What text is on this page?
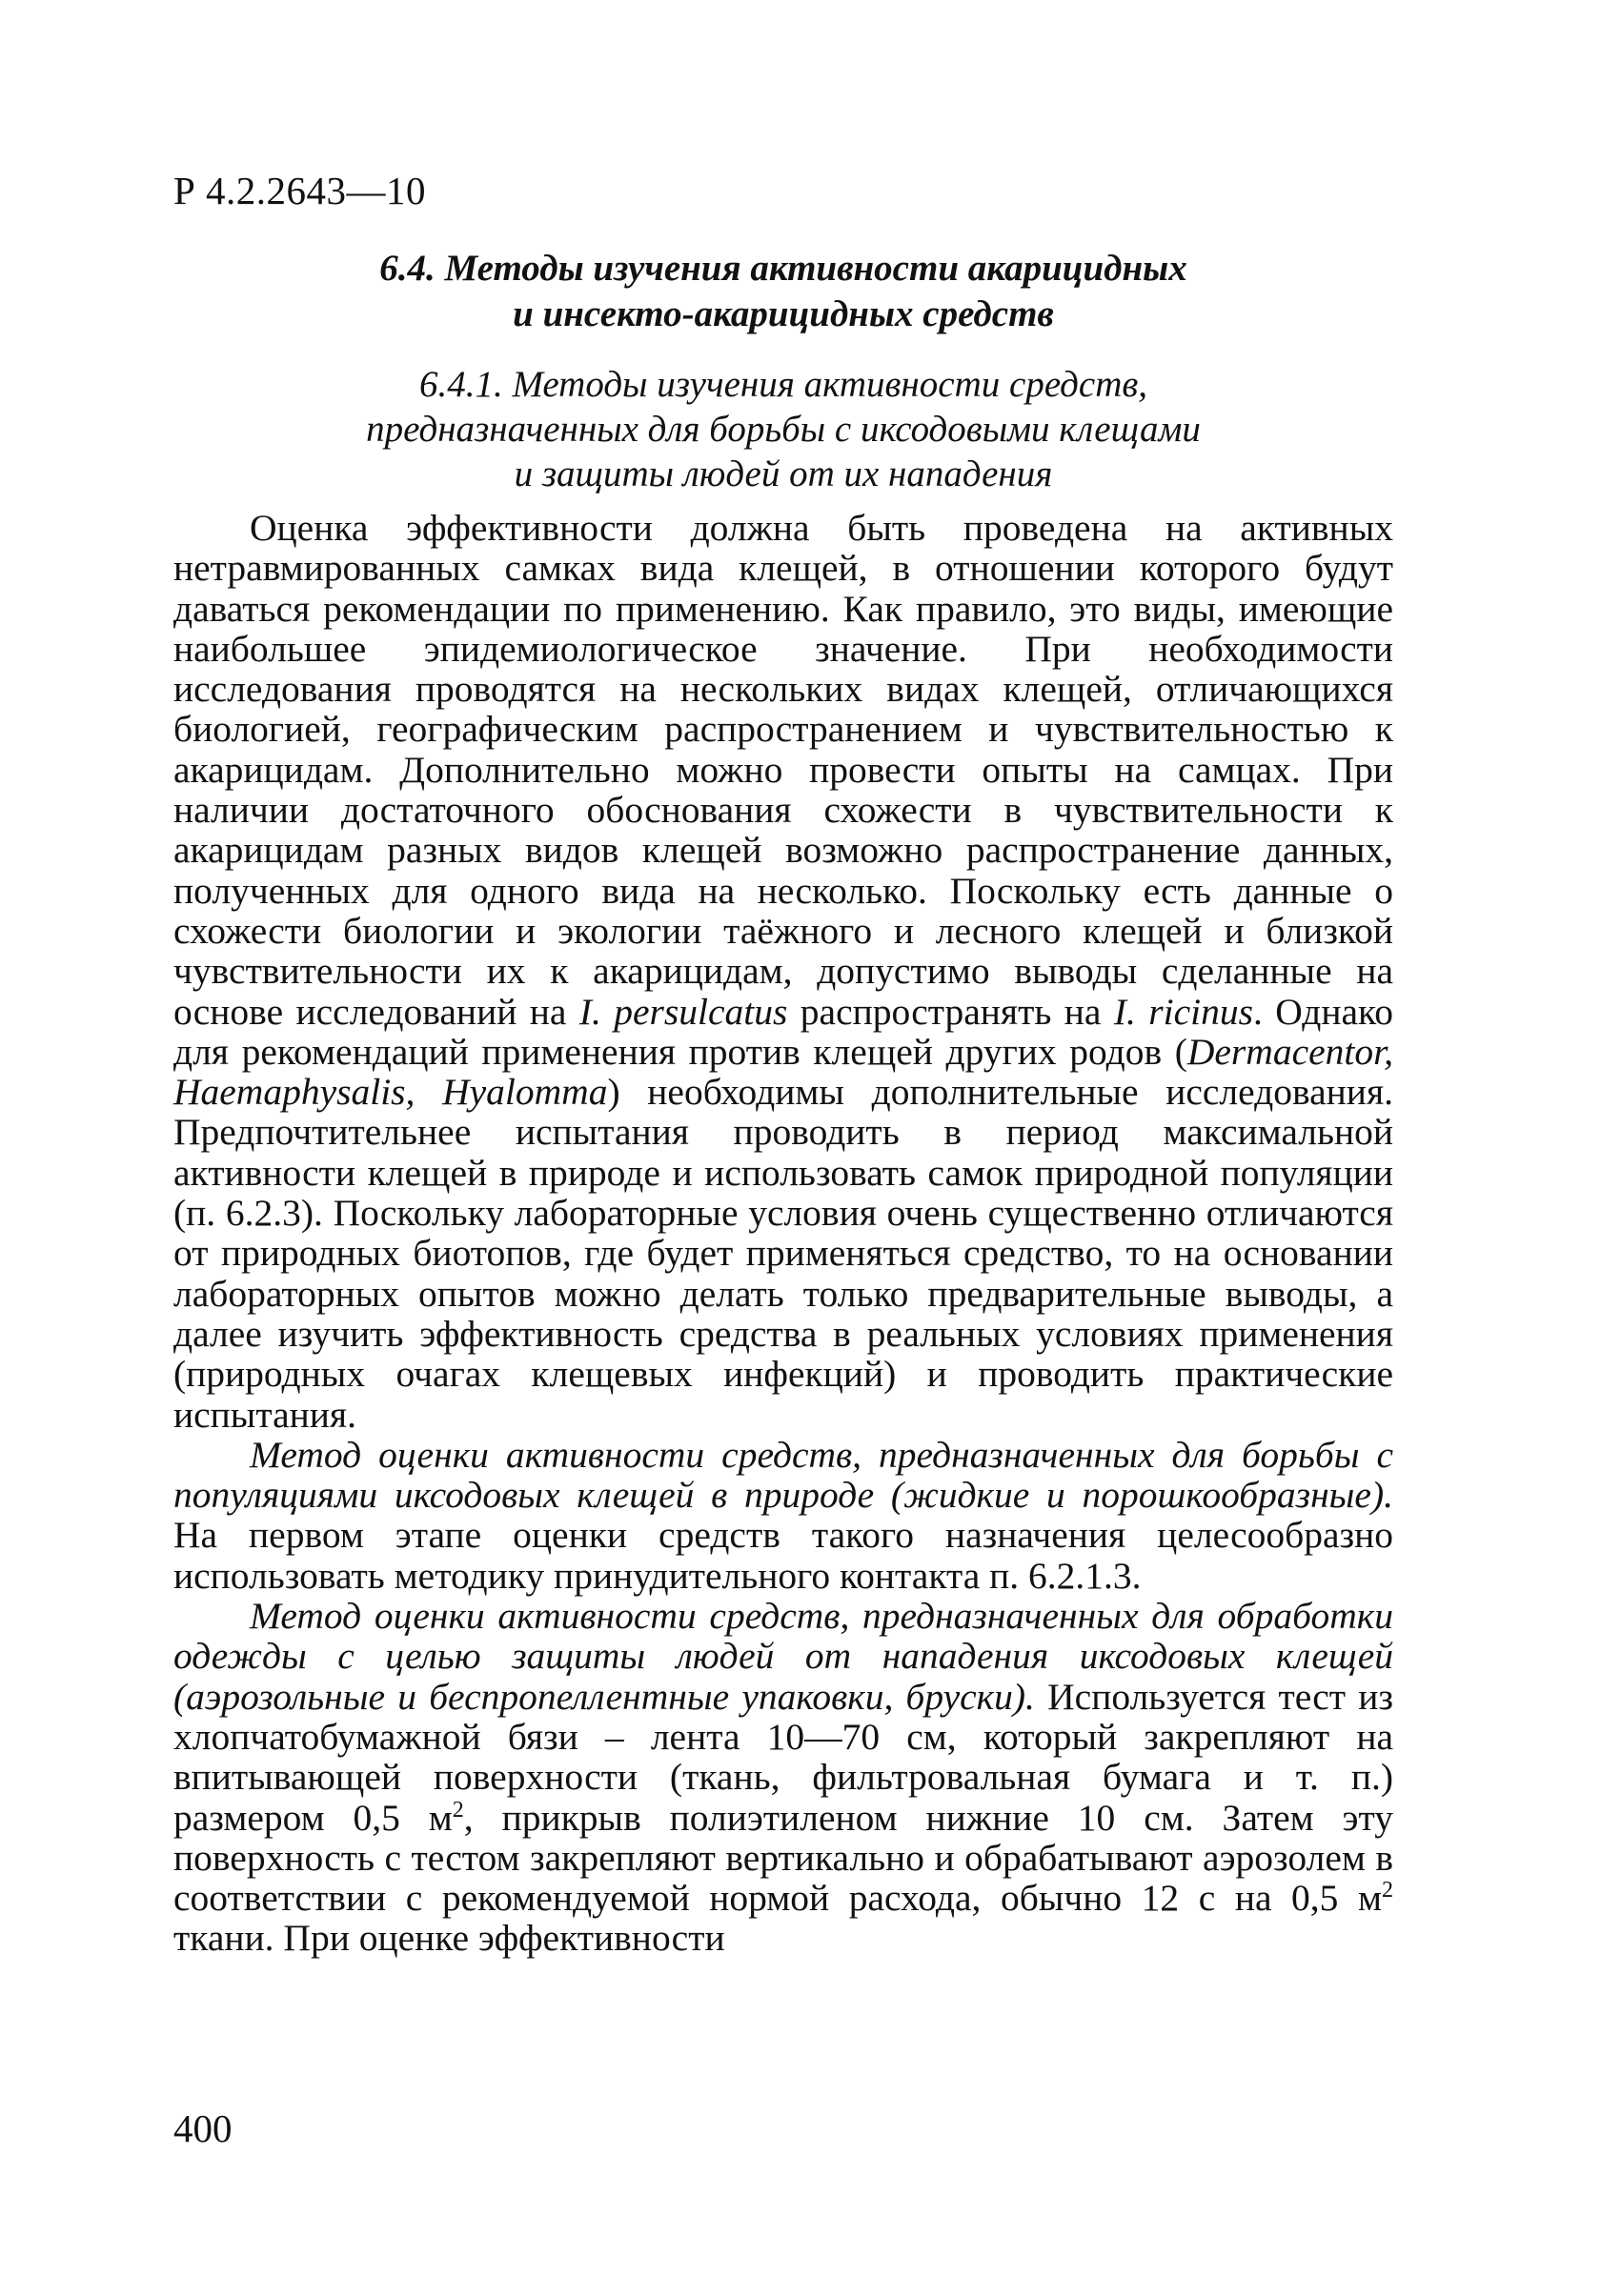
Р 4.2.2643—10

6.4. Методы изучения активности акарицидных
и инсекто-акарицидных средств

6.4.1. Методы изучения активности средств,
предназначенных для борьбы с иксодовыми клещами
и защиты людей от их нападения

Оценка эффективности должна быть проведена на активных нетравмированных самках вида клещей, в отношении которого будут даваться рекомендации по применению. Как правило, это виды, имеющие наибольшее эпидемиологическое значение. При необходимости исследования проводятся на нескольких видах клещей, отличающихся биологией, географическим распространением и чувствительностью к акарицидам. Дополнительно можно провести опыты на самцах. При наличии достаточного обоснования схожести в чувствительности к акарицидам разных видов клещей возможно распространение данных, полученных для одного вида на несколько. Поскольку есть данные о схожести биологии и экологии таёжного и лесного клещей и близкой чувствительности их к акарицидам, допустимо выводы сделанные на основе исследований на I. persulcatus распространять на I. ricinus. Однако для рекомендаций применения против клещей других родов (Dermacentor, Haemaphysalis, Hyalomma) необходимы дополнительные исследования. Предпочтительнее испытания проводить в период максимальной активности клещей в природе и использовать самок природной популяции (п. 6.2.3). Поскольку лабораторные условия очень существенно отличаются от природных биотопов, где будет применяться средство, то на основании лабораторных опытов можно делать только предварительные выводы, а далее изучить эффективность средства в реальных условиях применения (природных очагах клещевых инфекций) и проводить практические испытания.

Метод оценки активности средств, предназначенных для борьбы с популяциями иксодовых клещей в природе (жидкие и порошкообразные). На первом этапе оценки средств такого назначения целесообразно использовать методику принудительного контакта п. 6.2.1.3.

Метод оценки активности средств, предназначенных для обработки одежды с целью защиты людей от нападения иксодовых клещей (аэрозольные и беспропеллентные упаковки, бруски). Используется тест из хлопчатобумажной бязи – лента 10—70 см, который закрепляют на впитывающей поверхности (ткань, фильтровальная бумага и т. п.) размером 0,5 $м^2$, прикрыв полиэтиленом нижние 10 см. Затем эту поверхность с тестом закрепляют вертикально и обрабатывают аэрозолем в соответствии с рекомендуемой нормой расхода, обычно 12 с на 0,5 $м^2$ ткани. При оценке эффективности

400
